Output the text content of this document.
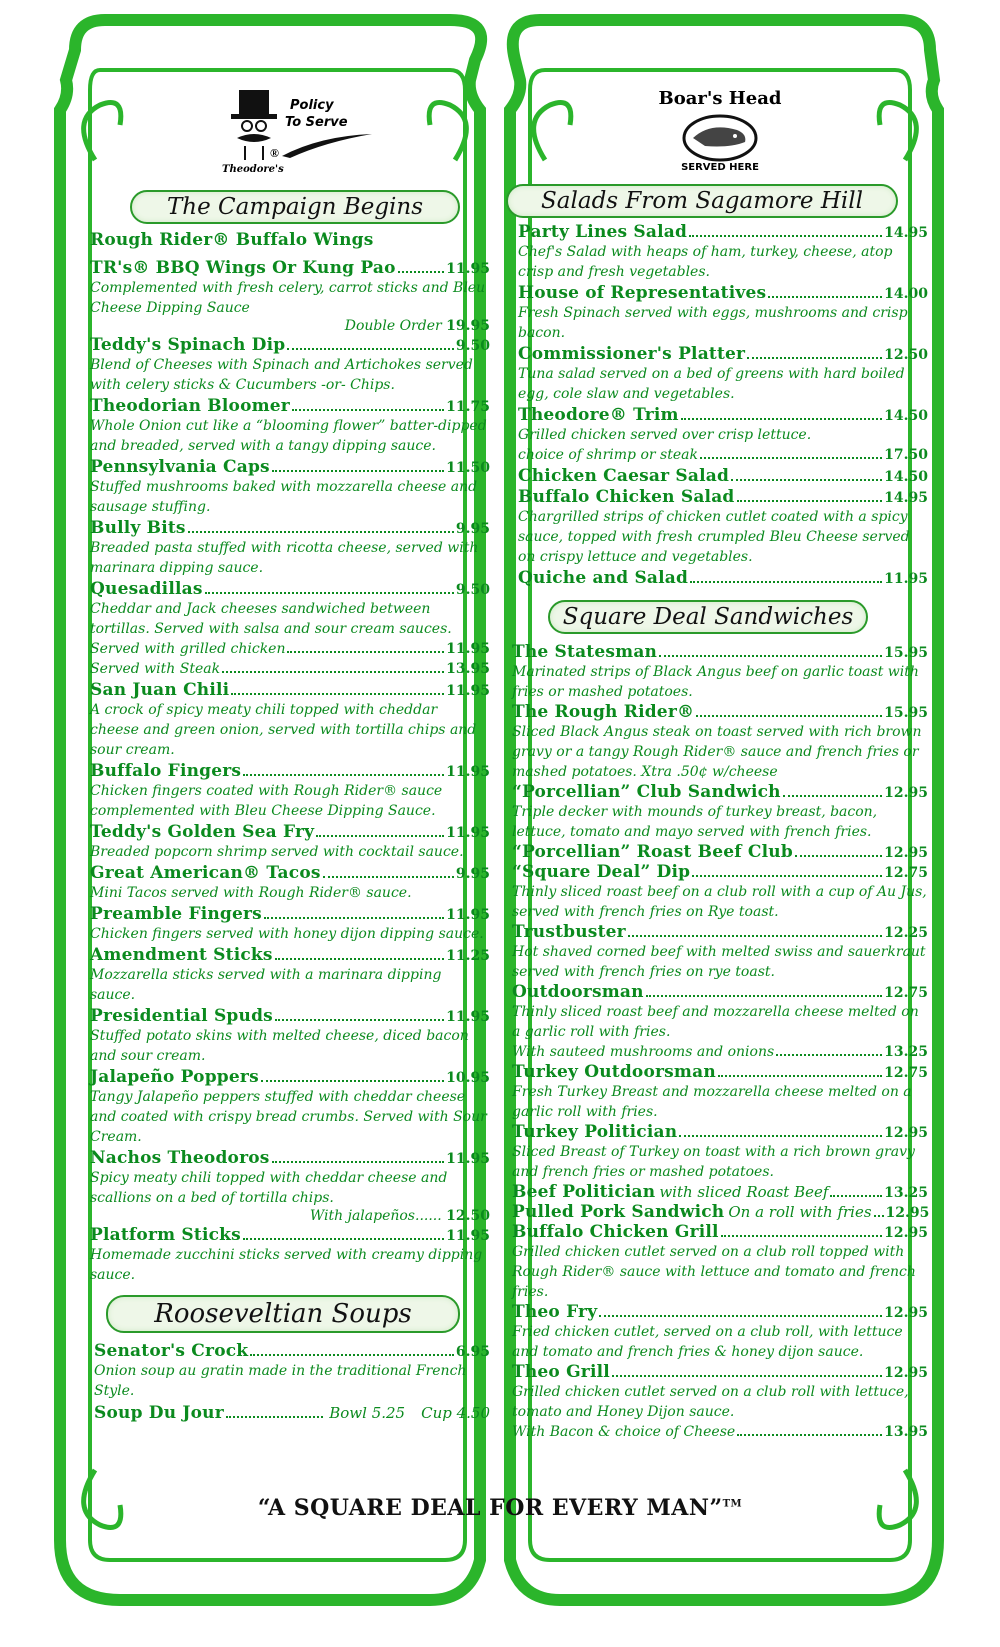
Policy
To Serve
®
Theodore's
Boar's Head
SERVED HERE
The Campaign Begins
Rough Rider® Buffalo Wings
TR's® BBQ Wings Or Kung Pao	11.95
Complemented with fresh celery, carrot sticks and Bleu Cheese Dipping Sauce
Double Order 19.95
Teddy's Spinach Dip	9.50
Blend of Cheeses with Spinach and Artichokes served with celery sticks & Cucumbers -or- Chips.
Theodorian Bloomer	11.75
Whole Onion cut like a “blooming flower” batter-dipped and breaded, served with a tangy dipping sauce.
Pennsylvania Caps	11.50
Stuffed mushrooms baked with mozzarella cheese and sausage stuffing.
Bully Bits	9.95
Breaded pasta stuffed with ricotta cheese, served with marinara dipping sauce.
Quesadillas	9.50
Cheddar and Jack cheeses sandwiched between tortillas. Served with salsa and sour cream sauces.
Served with grilled chicken	11.95
Served with Steak	13.95
San Juan Chili	11.95
A crock of spicy meaty chili topped with cheddar cheese and green onion, served with tortilla chips and sour cream.
Buffalo Fingers	11.95
Chicken fingers coated with Rough Rider® sauce complemented with Bleu Cheese Dipping Sauce.
Teddy's Golden Sea Fry	11.95
Breaded popcorn shrimp served with cocktail sauce.
Great American® Tacos	9.95
Mini Tacos served with Rough Rider® sauce.
Preamble Fingers	11.95
Chicken fingers served with honey dijon dipping sauce.
Amendment Sticks	11.25
Mozzarella sticks served with a marinara dipping sauce.
Presidential Spuds	11.95
Stuffed potato skins with melted cheese, diced bacon and sour cream.
Jalapeño Poppers	10.95
Tangy Jalapeño peppers stuffed with cheddar cheese and coated with crispy bread crumbs. Served with Sour Cream.
Nachos Theodoros	11.95
Spicy meaty chili topped with cheddar cheese and scallions on a bed of tortilla chips.
With jalapeños...... 12.50
Platform Sticks	11.95
Homemade zucchini sticks served with creamy dipping sauce.
Rooseveltian Soups
Senator's Crock	6.95
Onion soup au gratin made in the traditional French Style.
Soup Du Jour	Bowl 5.25 Cup 4.50
Salads From Sagamore Hill
Party Lines Salad	14.95
Chef's Salad with heaps of ham, turkey, cheese, atop crisp and fresh vegetables.
House of Representatives	14.00
Fresh Spinach served with eggs, mushrooms and crisp bacon.
Commissioner's Platter	12.50
Tuna salad served on a bed of greens with hard boiled egg, cole slaw and vegetables.
Theodore® Trim	14.50
Grilled chicken served over crisp lettuce.
choice of shrimp or steak	17.50
Chicken Caesar Salad	14.50
Buffalo Chicken Salad	14.95
Chargrilled strips of chicken cutlet coated with a spicy sauce, topped with fresh crumpled Bleu Cheese served on crispy lettuce and vegetables.
Quiche and Salad	11.95
Square Deal Sandwiches
The Statesman	15.95
Marinated strips of Black Angus beef on garlic toast with fries or mashed potatoes.
The Rough Rider®	15.95
Sliced Black Angus steak on toast served with rich brown gravy or a tangy Rough Rider® sauce and french fries or mashed potatoes. Xtra .50¢ w/cheese
“Porcellian” Club Sandwich	12.95
Triple decker with mounds of turkey breast, bacon, lettuce, tomato and mayo served with french fries.
“Porcellian” Roast Beef Club	12.95
“Square Deal” Dip	12.75
Thinly sliced roast beef on a club roll with a cup of Au Jus, served with french fries on Rye toast.
Trustbuster	12.25
Hot shaved corned beef with melted swiss and sauerkraut served with french fries on rye toast.
Outdoorsman	12.75
Thinly sliced roast beef and mozzarella cheese melted on a garlic roll with fries.
With sauteed mushrooms and onions	13.25
Turkey Outdoorsman	12.75
Fresh Turkey Breast and mozzarella cheese melted on a garlic roll with fries.
Turkey Politician	12.95
Sliced Breast of Turkey on toast with a rich brown gravy and french fries or mashed potatoes.
Beef Politician with sliced Roast Beef	13.25
Pulled Pork Sandwich On a roll with fries 12.95
Buffalo Chicken Grill	12.95
Grilled chicken cutlet served on a club roll topped with Rough Rider® sauce with lettuce and tomato and french fries.
Theo Fry	12.95
Fried chicken cutlet, served on a club roll, with lettuce and tomato and french fries & honey dijon sauce.
Theo Grill	12.95
Grilled chicken cutlet served on a club roll with lettuce, tomato and Honey Dijon sauce.
With Bacon & choice of Cheese	13.95
“A SQUARE DEAL FOR EVERY MAN”™
